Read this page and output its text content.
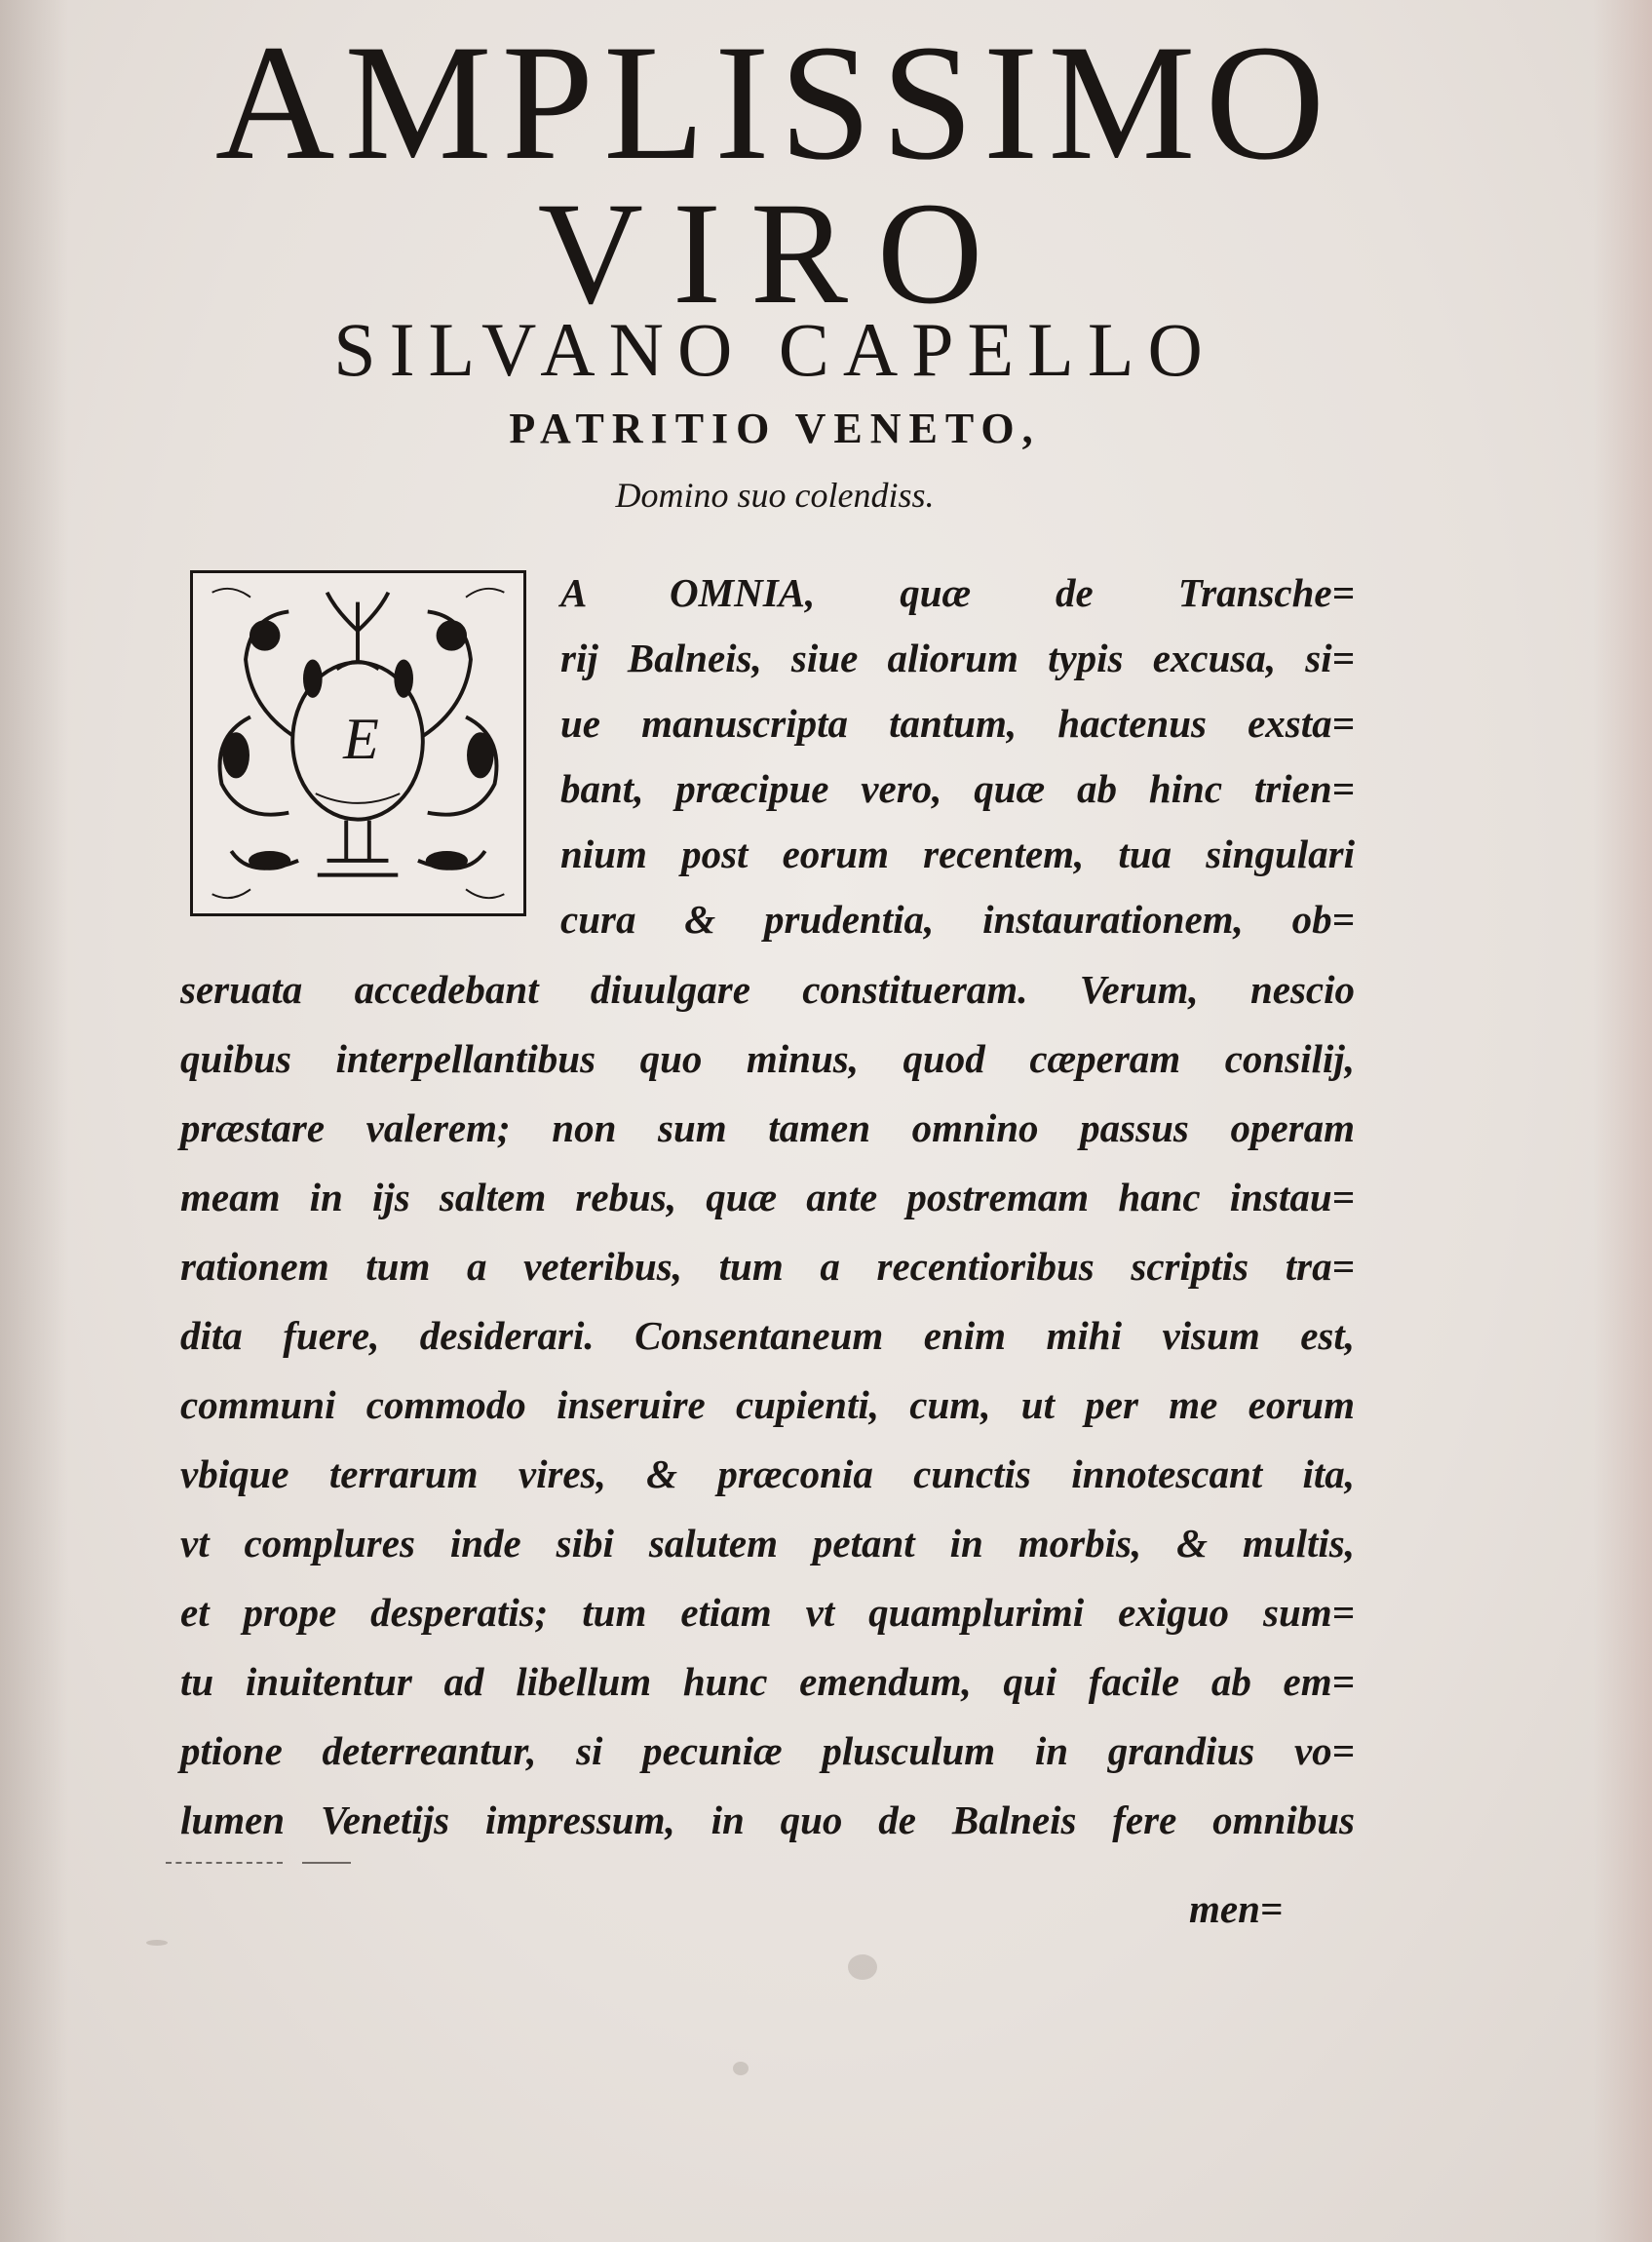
AMPLISSIMO
VIRO
SILVANO CAPELLO
PATRITIO VENETO,
Domino suo colendiss.
E
A OMNIA, quæ de Transche=
rij Balneis, siue aliorum typis excusa, si=
ue manuscripta tantum, hactenus exsta=
bant, præcipue vero, quæ ab hinc trien=
nium post eorum recentem, tua singulari
cura & prudentia, instaurationem, ob=
seruata accedebant diuulgare constitueram. Verum, nescio
quibus interpellantibus quo minus, quod cæperam consilij,
præstare valerem; non sum tamen omnino passus operam
meam in ijs saltem rebus, quæ ante postremam hanc instau=
rationem tum a veteribus, tum a recentioribus scriptis tra=
dita fuere, desiderari. Consentaneum enim mihi visum est,
communi commodo inseruire cupienti, cum, ut per me eorum
vbique terrarum vires, & præconia cunctis innotescant ita,
vt complures inde sibi salutem petant in morbis, & multis,
et prope desperatis; tum etiam vt quamplurimi exiguo sum=
tu inuitentur ad libellum hunc emendum, qui facile ab em=
ptione deterreantur, si pecuniæ plusculum in grandius vo=
lumen Venetijs impressum, in quo de Balneis fere omnibus
men=
